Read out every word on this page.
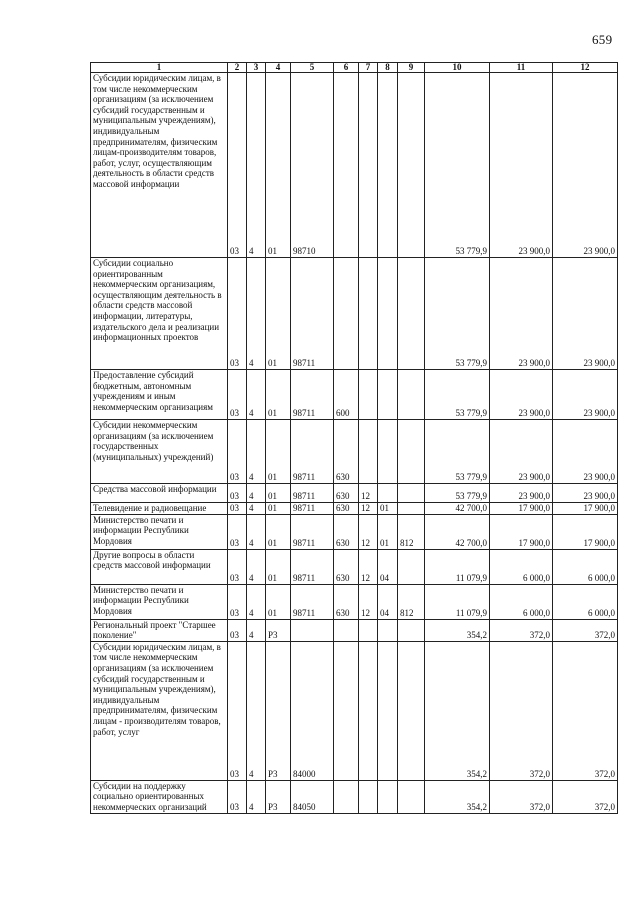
659
1	2	3	4	5	6	7	8	9	10	11	12
Субсидии юридическим лицам, в том числе некоммерческим организациям (за исключением субсидий государственным и муниципальным учреждениям), индивидуальным предпринимателям, физическим лицам-производителям товаров, работ, услуг, осуществляющим деятельность в области средств массовой информации	03	4	01	98710					53 779,9	23 900,0	23 900,0
Субсидии социально ориентированным некоммерческим организациям, осуществляющим деятельность в области средств массовой информации, литературы, издательского дела и реализации информационных проектов	03	4	01	98711					53 779,9	23 900,0	23 900,0
Предоставление субсидий бюджетным, автономным учреждениям и иным некоммерческим организациям	03	4	01	98711	600				53 779,9	23 900,0	23 900,0
Субсидии некоммерческим организациям (за исключением государственных (муниципальных) учреждений)	03	4	01	98711	630				53 779,9	23 900,0	23 900,0
Средства массовой информации	03	4	01	98711	630	12			53 779,9	23 900,0	23 900,0
Телевидение и радиовещание	03	4	01	98711	630	12	01		42 700,0	17 900,0	17 900,0
Министерство печати и информации Республики Мордовия	03	4	01	98711	630	12	01	812	42 700,0	17 900,0	17 900,0
Другие вопросы в области средств массовой информации	03	4	01	98711	630	12	04		11 079,9	6 000,0	6 000,0
Министерство печати и информации Республики Мордовия	03	4	01	98711	630	12	04	812	11 079,9	6 000,0	6 000,0
Региональный проект "Старшее поколение"	03	4	P3						354,2	372,0	372,0
Субсидии юридическим лицам, в том числе некоммерческим организациям (за исключением субсидий государственным и муниципальным учреждениям), индивидуальным предпринимателям, физическим лицам - производителям товаров, работ, услуг	03	4	P3	84000					354,2	372,0	372,0
Субсидии на поддержку социально ориентированных некоммерческих организаций	03	4	P3	84050					354,2	372,0	372,0
